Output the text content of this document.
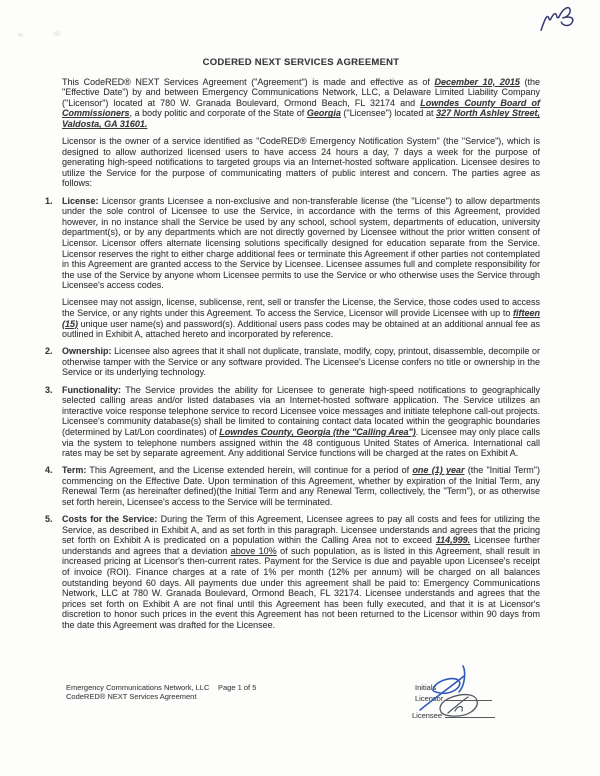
CODERED NEXT SERVICES AGREEMENT

This CodeRED® NEXT Services Agreement ("Agreement") is made and effective as of December 10, 2015 (the "Effective Date") by and between Emergency Communications Network, LLC, a Delaware Limited Liability Company ("Licensor") located at 780 W. Granada Boulevard, Ormond Beach, FL 32174 and Lowndes County Board of Commissioners, a body politic and corporate of the State of Georgia ("Licensee") located at 327 North Ashley Street, Valdosta, GA 31601.

Licensor is the owner of a service identified as "CodeRED® Emergency Notification System" (the "Service"), which is designed to allow authorized licensed users to have access 24 hours a day, 7 days a week for the purpose of generating high-speed notifications to targeted groups via an Internet-hosted software application. Licensee desires to utilize the Service for the purpose of communicating matters of public interest and concern. The parties agree as follows:

1.	License: Licensor grants Licensee a non-exclusive and non-transferable license (the "License") to allow departments under the sole control of Licensee to use the Service, in accordance with the terms of this Agreement, provided however, in no instance shall the Service be used by any school, school system, departments of education, university department(s), or by any departments which are not directly governed by Licensee without the prior written consent of Licensor. Licensor offers alternate licensing solutions specifically designed for education separate from the Service. Licensor reserves the right to either charge additional fees or terminate this Agreement if other parties not contemplated in this Agreement are granted access to the Service by Licensee. Licensee assumes full and complete responsibility for the use of the Service by anyone whom Licensee permits to use the Service or who otherwise uses the Service through Licensee's access codes.

Licensee may not assign, license, sublicense, rent, sell or transfer the License, the Service, those codes used to access the Service, or any rights under this Agreement. To access the Service, Licensor will provide Licensee with up to fifteen (15) unique user name(s) and password(s). Additional users pass codes may be obtained at an additional annual fee as outlined in Exhibit A, attached hereto and incorporated by reference.

2.	Ownership: Licensee also agrees that it shall not duplicate, translate, modify, copy, printout, disassemble, decompile or otherwise tamper with the Service or any software provided. The Licensee's License confers no title or ownership in the Service or its underlying technology.

3.	Functionality: The Service provides the ability for Licensee to generate high-speed notifications to geographically selected calling areas and/or listed databases via an Internet-hosted software application. The Service utilizes an interactive voice response telephone service to record Licensee voice messages and initiate telephone call-out projects. Licensee's community database(s) shall be limited to containing contact data located within the geographic boundaries (determined by Lat/Lon coordinates) of Lowndes County, Georgia (the "Calling Area"). Licensee may only place calls via the system to telephone numbers assigned within the 48 contiguous United States of America. International call rates may be set by separate agreement. Any additional Service functions will be charged at the rates on Exhibit A.

4.	Term: This Agreement, and the License extended herein, will continue for a period of one (1) year (the "Initial Term") commencing on the Effective Date. Upon termination of this Agreement, whether by expiration of the Initial Term, any Renewal Term (as hereinafter defined)(the Initial Term and any Renewal Term, collectively, the "Term"), or as otherwise set forth herein, Licensee's access to the Service will be terminated.

5.	Costs for the Service: During the Term of this Agreement, Licensee agrees to pay all costs and fees for utilizing the Service, as described in Exhibit A, and as set forth in this paragraph. Licensee understands and agrees that the pricing set forth on Exhibit A is predicated on a population within the Calling Area not to exceed 114,999. Licensee further understands and agrees that a deviation above 10% of such population, as is listed in this Agreement, shall result in increased pricing at Licensor's then-current rates. Payment for the Service is due and payable upon Licensee's receipt of invoice (ROI). Finance charges at a rate of 1% per month (12% per annum) will be charged on all balances outstanding beyond 60 days. All payments due under this agreement shall be paid to: Emergency Communications Network, LLC at 780 W. Granada Boulevard, Ormond Beach, FL 32174. Licensee understands and agrees that the prices set forth on Exhibit A are not final until this Agreement has been fully executed, and that it is at Licensor's discretion to honor such prices in the event this Agreement has not been returned to the Licensor within 90 days from the date this Agreement was drafted for the Licensee.

Emergency Communications Network, LLC
CodeRED® NEXT Services Agreement
Page 1 of 5	Initials
Licensor
Licensee
